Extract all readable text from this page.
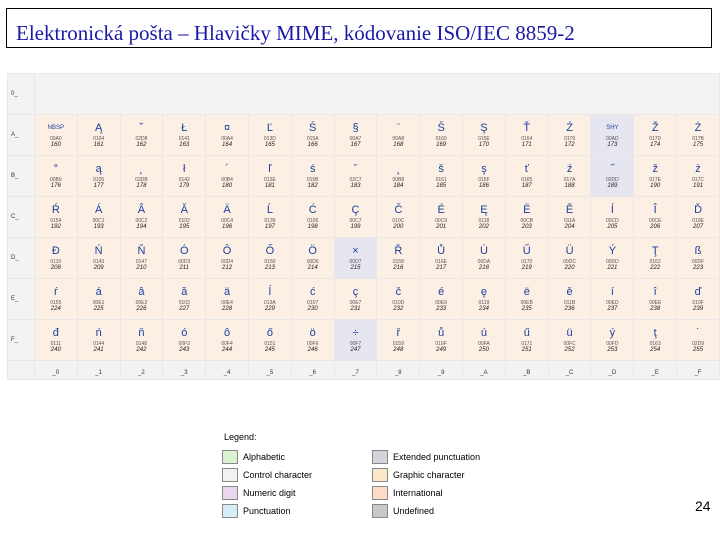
Elektronická pošta – Hlavičky MIME, kódovanie ISO/IEC 8859-2
0_																
A_	NBSP
00A0
160	Ą
0104
161	˘
02D8
162	Ł
0141
163	¤
00A4
164	Ľ
013D
165	Ś
015A
166	§
00A7
167	¨
00A8
168	Š
0160
169	Ş
015E
170	Ť
0164
171	Ź
0179
172	SHY
00AD
173	Ž
017D
174	Ż
017B
175

B_	°
00B0
176	ą
0105
177	˛
02DB
178	ł
0142
179	´
00B4
180	ľ
013E
181	ś
015B
182	ˇ
02C7
183	¸
00B8
184	š
0161
185	ş
015F
186	ť
0165
187	ź
017A
188	˝
02DD
189	ž
017E
190	ż
017C
191

C_	Ŕ
0154
192	Á
00C1
193	Â
00C2
194	Ă
0102
195	Ä
00C4
196	Ĺ
0139
197	Ć
0106
198	Ç
00C7
199	Č
010C
200	É
00C9
201	Ę
0118
202	Ë
00CB
203	Ě
011A
204	Í
00CD
205	Î
00CE
206	Ď
010E
207

D_	Đ
0110
208	Ń
0143
209	Ň
0147
210	Ó
00D3
211	Ô
00D4
212	Ő
0150
213	Ö
00D6
214	×
00D7
215	Ř
0158
216	Ů
016E
217	Ú
00DA
218	Ű
0170
219	Ü
00DC
220	Ý
00DD
221	Ţ
0162
222	ß
00DF
223

E_	ŕ
0155
224	á
00E1
225	â
00E2
226	ă
0103
227	ä
00E4
228	ĺ
013A
229	ć
0107
230	ç
00E7
231	č
010D
232	é
00E9
233	ę
0119
234	ë
00EB
235	ě
011B
236	í
00ED
237	î
00EE
238	ď
010F
239

F_	đ
0111
240	ń
0144
241	ň
0148
242	ó
00F3
243	ô
00F4
244	ő
0151
245	ö
00F6
246	÷
00F7
247	ř
0159
248	ů
016F
249	ú
00FA
250	ű
0171
251	ü
00FC
252	ý
00FD
253	ţ
0163
254	˙
02D9
255

	_0	_1	_2	_3	_4	_5	_6	_7	_8	_9	_A	_B	_C	_D	_E	_F
Legend:
Alphabetic	Extended punctuation
Control character	Graphic character
Numeric digit	International
Punctuation	Undefined	24
